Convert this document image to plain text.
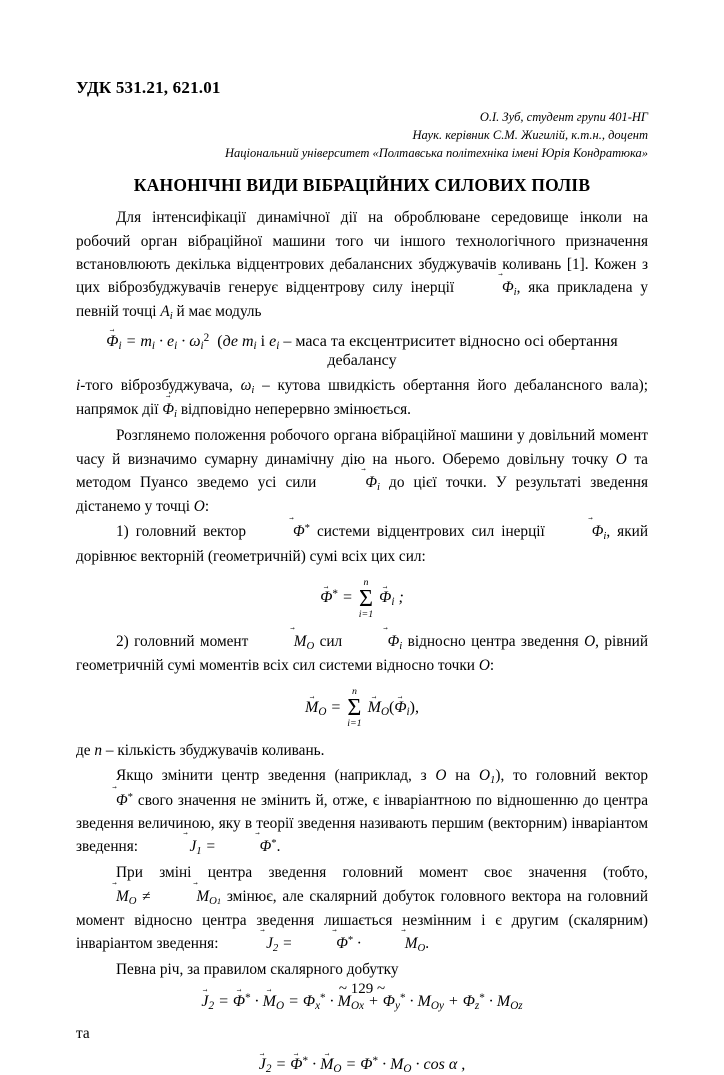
УДК 531.21, 621.01
О.І. Зуб, студент групи 401-НГ
Наук. керівник С.М. Жигилій, к.т.н., доцент
Національний університет «Полтавська політехніка імені Юрія Кондратюка»
КАНОНІЧНІ ВИДИ ВІБРАЦІЙНИХ СИЛОВИХ ПОЛІВ

Для інтенсифікації динамічної дії на оброблюване середовище інколи на робочий орган вібраційної машини того чи іншого технологічного призначення встановлюють декілька відцентрових дебалансних збуджувачів коливань [1]. Кожен з цих віброзбуджувачів генерує відцентрову силу інерції	$\Phi \to_i$, яка прикладена у певній точці $A_i$ й має модуль

$\Phi \to_i = m_i \cdot e_i \cdot \omega_i^2$  (де $m_i$ і $e_i$ – маса та ексцентриситет відносно осі обертання дебалансу

i-того віброзбуджувача, $\omega_i$ – кутова швидкість обертання його дебалансного вала); напрямок дії $\Phi \to_i$ відповідно неперервно змінюється.

Розглянемо положення робочого органа вібраційної машини у довільний момент часу й визначимо сумарну динамічну дію на нього. Оберемо довільну точку O та методом Пуансо зведемо усі сили	$\Phi \to_i$ до цієї точки. У результаті зведення дістанемо у точці O:

1) головний вектор	Φ →* системи відцентрових сил інерції	$\Phi \to_i$, який дорівнює векторній (геометричній) сумі всіх цих сил:

Φ →* =
n
Σ
i=1
$\Phi \to_i$ ;

2) головний момент	$M \to_O$ сил	$\Phi \to_i$ відносно центра зведення O, рівний геометричній сумі моментів всіх сил системи відносно точки O:

$M \to_O$ =
n
Σ
i=1
$M \to_O(\Phi \to_i)$,

де n – кількість збуджувачів коливань.

Якщо змінити центр зведення (наприклад, з O на $O_1$), то головний вектор Φ →* свого значення не змінить й, отже, є інваріантною по відношенню до центра зведення величиною, яку в теорії зведення називають першим (векторним) інваріантом зведення:	$J \to_1$ =	Φ →*.

При зміні центра зведення головний момент своє значення (тобто, $M \to_O$ ≠	$M \to_{O1}$ змінює, але скалярний добуток головного вектора на головний момент відносно центра зведення лишається незмінним і є другим (скалярним) інваріантом зведення:	$J \to_2$ =	Φ →* ·	$M \to_O$.

Певна річ, за правилом скалярного добутку

$J \to_2 = \Phi \to^* \cdot M \to_O = \Phi_x^* \cdot M_{Ox} + \Phi_y^* \cdot M_{Oy} + \Phi_z^* \cdot M_{Oz}$

та

$J \to_2 = \Phi \to^* \cdot M \to_O = \Phi^* \cdot M_O \cdot \cos \alpha$ ,
~ 129 ~
